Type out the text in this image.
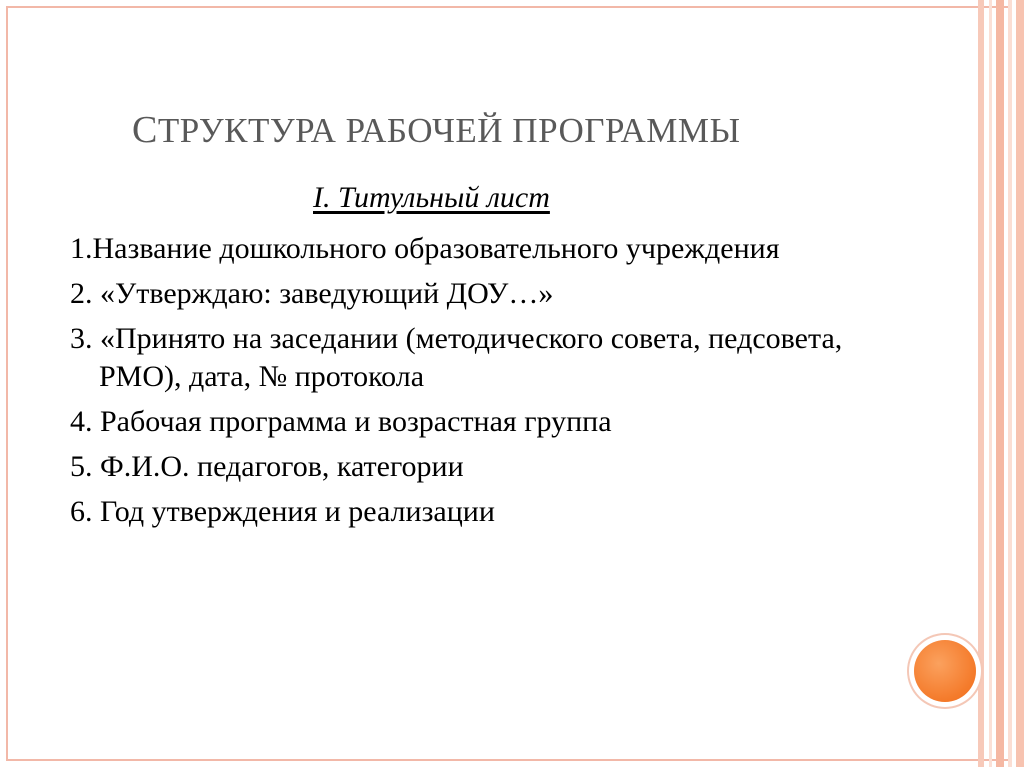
СТРУКТУРА РАБОЧЕЙ ПРОГРАММЫ

I. Титульный лист

1.Название дошкольного образовательного учреждения
2. «Утверждаю: заведующий ДОУ…»
3. «Принято на заседании (методического совета, педсовета, РМО), дата, № протокола
4. Рабочая программа и возрастная группа
5. Ф.И.О. педагогов, категории
6. Год утверждения и реализации
